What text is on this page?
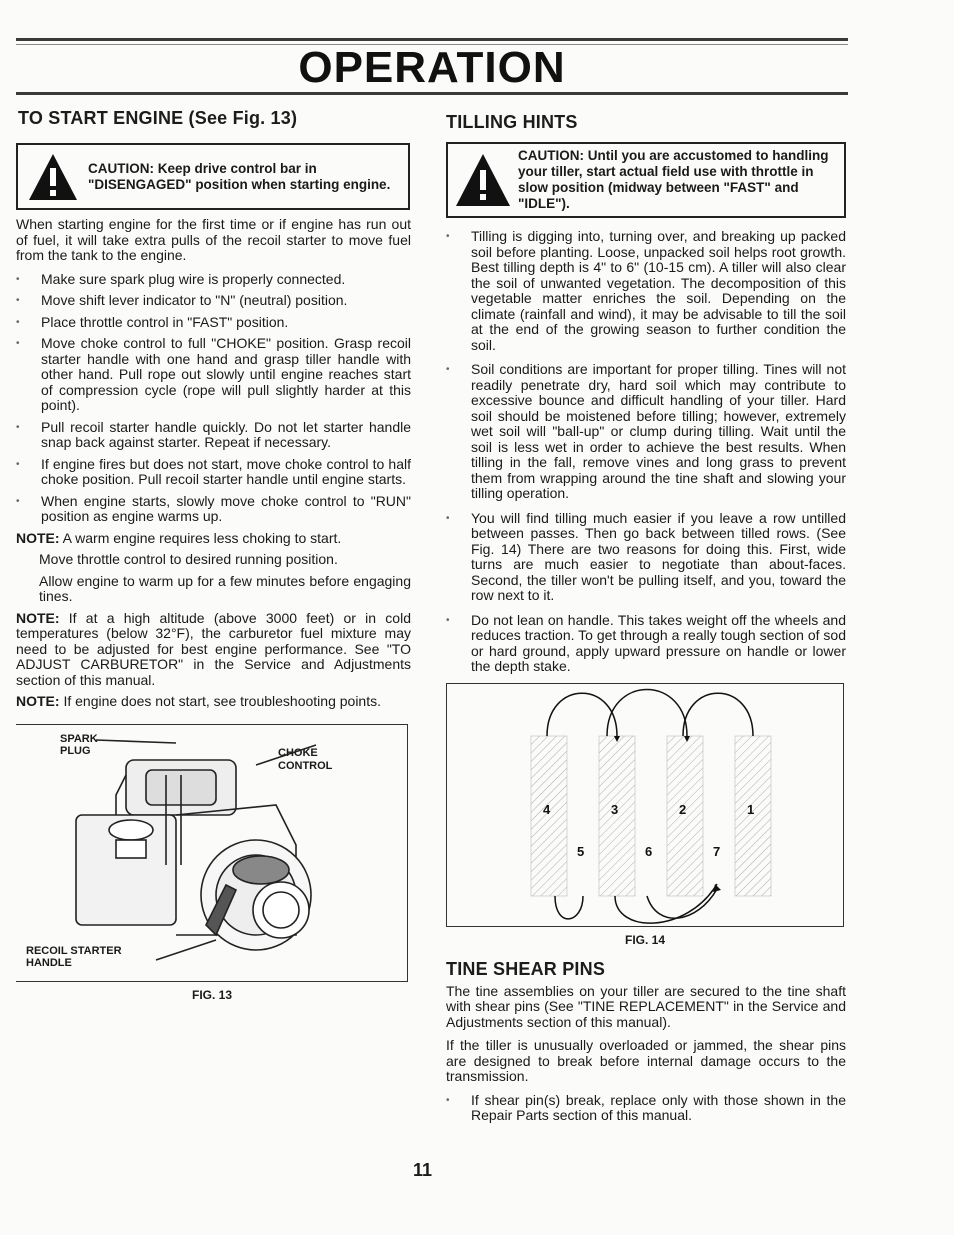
OPERATION
TO START ENGINE (See Fig. 13)
CAUTION: Keep drive control bar in "DISENGAGED" position when starting engine.

When starting engine for the first time or if engine has run out of fuel, it will take extra pulls of the recoil starter to move fuel from the tank to the engine.

• Make sure spark plug wire is properly connected.
• Move shift lever indicator to "N" (neutral) position.
• Place throttle control in "FAST" position.
• Move choke control to full "CHOKE" position. Grasp recoil starter handle with one hand and grasp tiller handle with other hand. Pull rope out slowly until engine reaches start of compression cycle (rope will pull slightly harder at this point).
• Pull recoil starter handle quickly. Do not let starter handle snap back against starter. Repeat if necessary.
• If engine fires but does not start, move choke control to half choke position. Pull recoil starter handle until engine starts.
• When engine starts, slowly move choke control to "RUN" position as engine warms up.

NOTE: A warm engine requires less choking to start.

Move throttle control to desired running position.

Allow engine to warm up for a few minutes before engaging tines.

NOTE: If at a high altitude (above 3000 feet) or in cold temperatures (below 32°F), the carburetor fuel mixture may need to be adjusted for best engine performance. See "TO ADJUST CARBURETOR" in the Service and Adjustments section of this manual.

NOTE: If engine does not start, see troubleshooting points.

SPARK
PLUG	CHOKE
CONTROL
RECOIL STARTER
HANDLE
FIG. 13
TILLING HINTS
CAUTION: Until you are accustomed to handling your tiller, start actual field use with throttle in slow position (midway between "FAST" and "IDLE").
• Tilling is digging into, turning over, and breaking up packed soil before planting. Loose, unpacked soil helps root growth. Best tilling depth is 4" to 6" (10-15 cm). A tiller will also clear the soil of unwanted vegetation. The decomposition of this vegetable matter enriches the soil. Depending on the climate (rainfall and wind), it may be advisable to till the soil at the end of the growing season to further condition the soil.
• Soil conditions are important for proper tilling. Tines will not readily penetrate dry, hard soil which may contribute to excessive bounce and difficult handling of your tiller. Hard soil should be moistened before tilling; however, extremely wet soil will "ball-up" or clump during tilling. Wait until the soil is less wet in order to achieve the best results. When tilling in the fall, remove vines and long grass to prevent them from wrapping around the tine shaft and slowing your tilling operation.
• You will find tilling much easier if you leave a row untilled between passes. Then go back between tilled rows. (See Fig. 14) There are two reasons for doing this. First, wide turns are much easier to negotiate than about-faces. Second, the tiller won't be pulling itself, and you, toward the row next to it.
• Do not lean on handle. This takes weight off the wheels and reduces traction. To get through a really tough section of sod or hard ground, apply upward pressure on handle or lower the depth stake.
4	3	2	1
5	6	7
FIG. 14
TINE SHEAR PINS

The tine assemblies on your tiller are secured to the tine shaft with shear pins (See "TINE REPLACEMENT" in the Service and Adjustments section of this manual).

If the tiller is unusually overloaded or jammed, the shear pins are designed to break before internal damage occurs to the transmission.

• If shear pin(s) break, replace only with those shown in the Repair Parts section of this manual.
11
